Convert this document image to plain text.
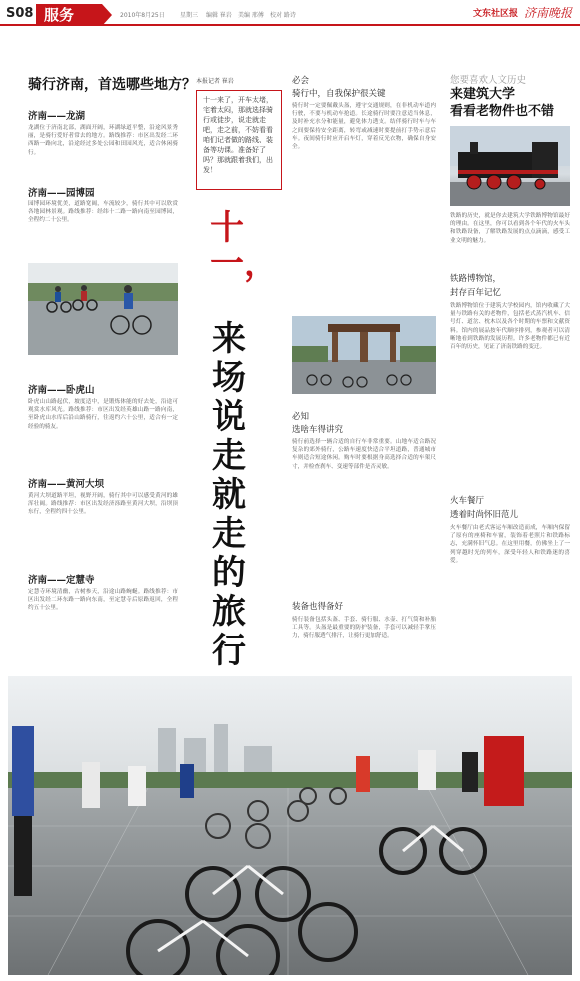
S08 服务	2010年8月25日	星期三 编辑 崔岩 美编 邢傅 校对 路诗	文东社区报 济南晚报
骑行济南，首选哪些地方？
济南——龙湖
龙湖位于济南北部，湖面开阔，环湖绿道平整，沿途风景秀丽，是骑行爱好者常去的地方。路线推荐：市区出发经二环西路一路向北，沿途经过多处公园和田园风光，适合休闲骑行。
济南——园博园
园博园环境优美，道路宽阔，车流较少，骑行其中可以欣赏各地园林景观。路线推荐：经纬十二路一路向南至园博园，全程约二十公里。
济南——卧虎山
卧虎山山路起伏，坡度适中，是锻炼体能的好去处，沿途可观赏水库风光。路线推荐：市区出发经英雄山路一路向南，至卧虎山水库后沿山路骑行，往返约六十公里，适合有一定经验的骑友。
济南——黄河大坝
黄河大坝道路平坦，视野开阔，骑行其中可以感受黄河的雄浑壮阔。路线推荐：市区出发经济泺路至黄河大坝，沿坝顶东行，全程约四十公里。
济南——定慧寺
定慧寺环境清幽，古树参天，沿途山路蜿蜒。路线推荐：市区出发经二环东路一路向东南，至定慧寺后原路返回，全程约五十公里。
本报记者 崔岩
十一来了，开车太堵，宅着太闷，那就选择骑行或徒步，说走就走吧，走之前，不妨看看咱们记者做的路线、装备等功课。准备好了吗？那就跟着我们，出发！
十一，
来
场
说
走
就
走
的
旅
行
必会
骑行中，自我保护很关键
骑行时一定要佩戴头盔，遵守交通规则，在非机动车道内行驶，不要与机动车抢道。长途骑行时要注意适当休息，及时补充水分和能量，避免体力透支。结伴骑行时车与车之间要保持安全距离，转弯或减速时要提前打手势示意后车。夜间骑行时应开启车灯，穿着反光衣物，确保自身安全。
必知
选啥车得讲究
骑行前选择一辆合适的自行车非常重要。山地车适合路况复杂的郊外骑行，公路车速度快适合平坦道路，普通城市车则适合短途休闲。购车时要根据身高选择合适的车架尺寸，并检查刹车、变速等部件是否灵敏。
装备也得备好
骑行装备包括头盔、手套、骑行服、水壶、打气筒和补胎工具等。头盔是最重要的防护装备，手套可以减轻手掌压力，骑行服透气排汗，让骑行更加舒适。
您要喜欢人文历史
来建筑大学
看看老物件也不错
铁路的历史，就是你去建筑大学铁路博物馆最好的理由。在这里，你可以看到各个年代的火车头和铁路设备，了解铁路发展的点点滴滴，感受工业文明的魅力。
铁路博物馆，
封存百年记忆
铁路博物馆位于建筑大学校园内，馆内收藏了大量与铁路有关的老物件，包括老式蒸汽机车、信号灯、道岔、枕木以及各个时期的车票和文献资料。馆内的展品按年代顺序排列，参观者可以清晰地看到铁路的发展历程。许多老物件都已有近百年的历史，见证了济南铁路的变迁。
火车餐厅
透着时尚怀旧范儿
火车餐厅由老式客运车厢改造而成，车厢内保留了原有的座椅和车窗，装饰着老照片和铁路标志，充满怀旧气息。在这里用餐，仿佛坐上了一列穿越时光的列车，深受年轻人和铁路迷的喜爱。
